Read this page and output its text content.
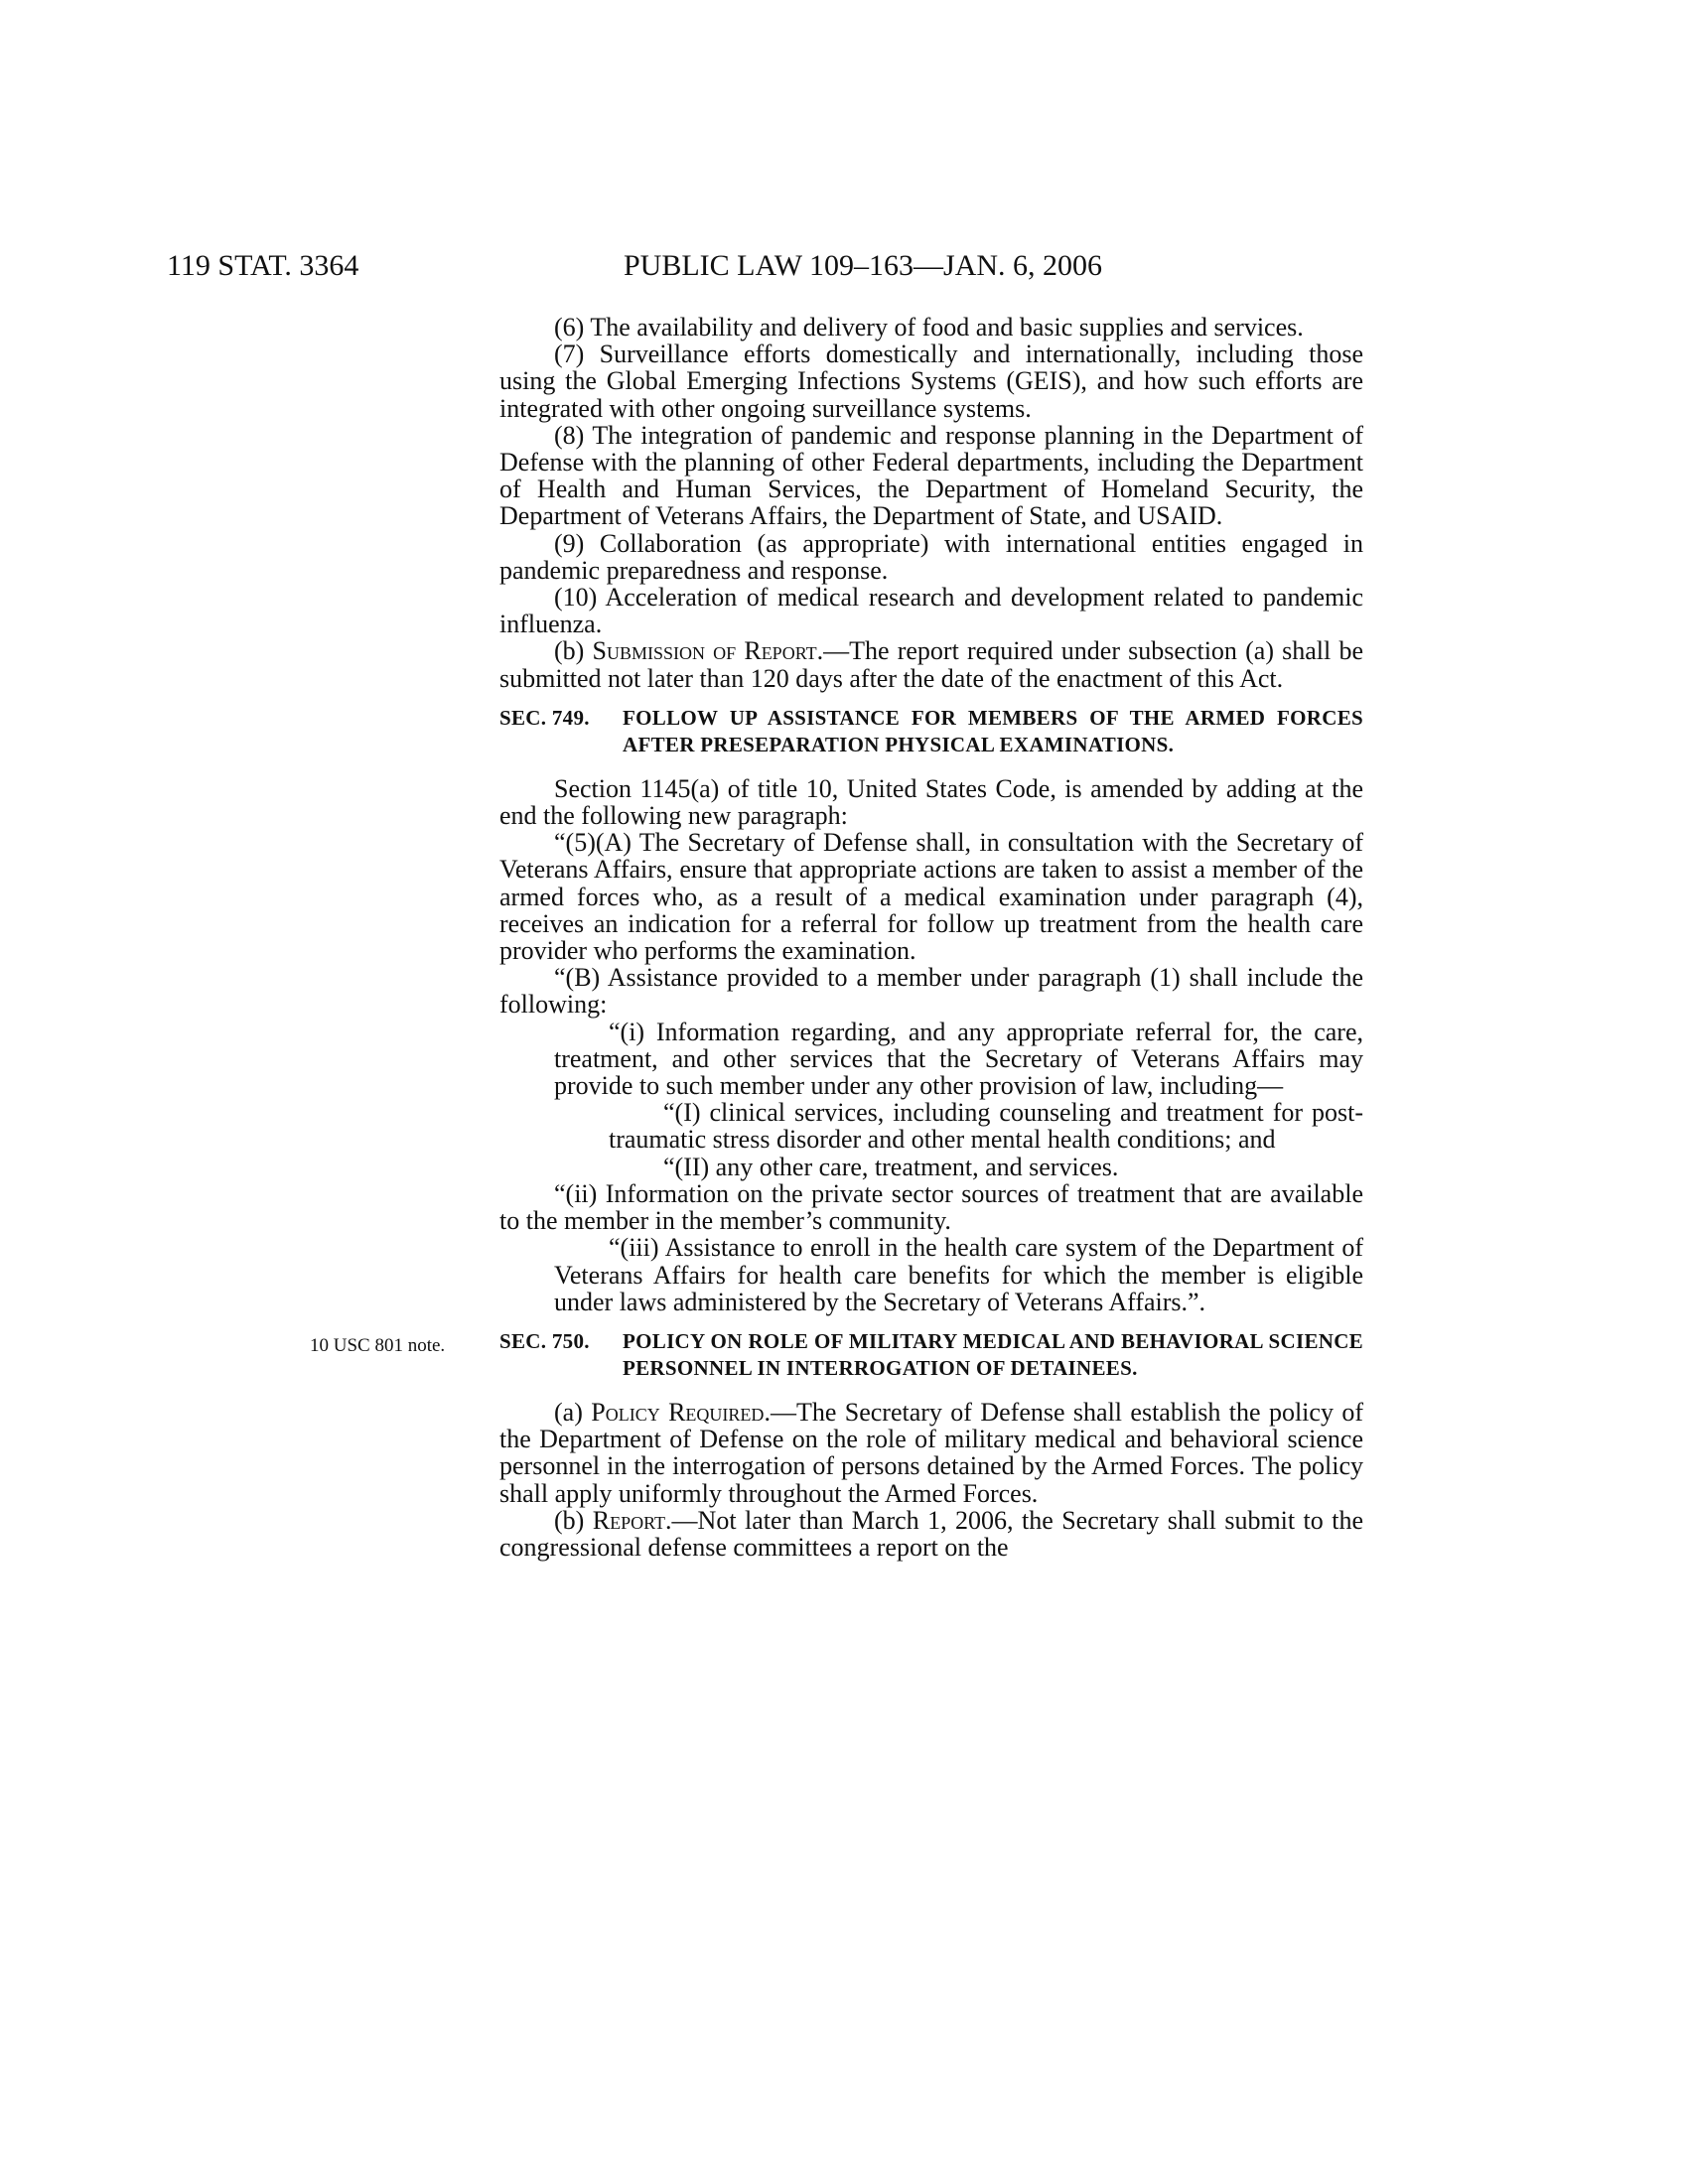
119 STAT. 3364	PUBLIC LAW 109–163—JAN. 6, 2006

(6) The availability and delivery of food and basic supplies and services.

(7) Surveillance efforts domestically and internationally, including those using the Global Emerging Infections Systems (GEIS), and how such efforts are integrated with other ongoing surveillance systems.

(8) The integration of pandemic and response planning in the Department of Defense with the planning of other Federal departments, including the Department of Health and Human Services, the Department of Homeland Security, the Department of Veterans Affairs, the Department of State, and USAID.

(9) Collaboration (as appropriate) with international entities engaged in pandemic preparedness and response.

(10) Acceleration of medical research and development related to pandemic influenza.

(b) Submission of Report.—The report required under subsection (a) shall be submitted not later than 120 days after the date of the enactment of this Act.

SEC. 749. FOLLOW UP ASSISTANCE FOR MEMBERS OF THE ARMED FORCES AFTER PRESEPARATION PHYSICAL EXAMINATIONS.

Section 1145(a) of title 10, United States Code, is amended by adding at the end the following new paragraph:

“(5)(A) The Secretary of Defense shall, in consultation with the Secretary of Veterans Affairs, ensure that appropriate actions are taken to assist a member of the armed forces who, as a result of a medical examination under paragraph (4), receives an indication for a referral for follow up treatment from the health care provider who performs the examination.

“(B) Assistance provided to a member under paragraph (1) shall include the following:

“(i) Information regarding, and any appropriate referral for, the care, treatment, and other services that the Secretary of Veterans Affairs may provide to such member under any other provision of law, including—

“(I) clinical services, including counseling and treatment for post-traumatic stress disorder and other mental health conditions; and

“(II) any other care, treatment, and services.

“(ii) Information on the private sector sources of treatment that are available to the member in the member’s community.

“(iii) Assistance to enroll in the health care system of the Department of Veterans Affairs for health care benefits for which the member is eligible under laws administered by the Secretary of Veterans Affairs.”.

10 USC 801 note.	SEC. 750. POLICY ON ROLE OF MILITARY MEDICAL AND BEHAVIORAL SCIENCE PERSONNEL IN INTERROGATION OF DETAINEES.

(a) Policy Required.—The Secretary of Defense shall establish the policy of the Department of Defense on the role of military medical and behavioral science personnel in the interrogation of persons detained by the Armed Forces. The policy shall apply uniformly throughout the Armed Forces.

(b) Report.—Not later than March 1, 2006, the Secretary shall submit to the congressional defense committees a report on the
